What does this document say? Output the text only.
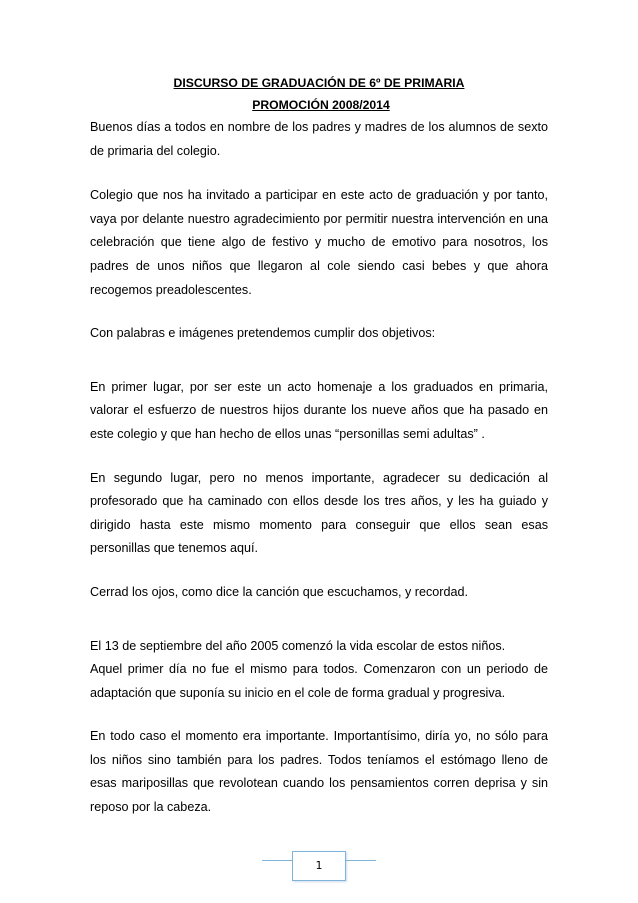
DISCURSO DE GRADUACIÓN DE 6º DE PRIMARIA

PROMOCIÓN 2008/2014

Buenos días a todos en nombre de los padres y madres de los alumnos de sexto de primaria del colegio.

Colegio que nos ha invitado a participar en este acto de graduación y por tanto, vaya por delante nuestro agradecimiento por permitir nuestra intervención en una celebración que tiene algo de festivo y mucho de emotivo para nosotros, los padres de unos niños que llegaron al cole siendo casi bebes y que ahora recogemos preadolescentes.

Con palabras e imágenes pretendemos cumplir dos objetivos:

En primer lugar, por ser este un acto homenaje a los graduados en primaria, valorar el esfuerzo de nuestros hijos durante los nueve años que ha pasado en este colegio y que han hecho de ellos unas “personillas semi adultas” .

En segundo lugar, pero no menos importante, agradecer su dedicación al profesorado que ha caminado con ellos desde los tres años, y les ha guiado y dirigido hasta este mismo momento para conseguir que ellos sean esas personillas que tenemos aquí.

Cerrad los ojos, como dice la canción que escuchamos, y recordad.

El 13 de septiembre del año 2005 comenzó la vida escolar de estos niños.

Aquel primer día no fue el mismo para todos. Comenzaron con un periodo de adaptación que suponía su inicio en el cole de forma gradual y progresiva.

En todo caso el momento era importante. Importantísimo, diría yo, no sólo para los niños sino también para los padres. Todos teníamos el estómago lleno de esas mariposillas que revolotean cuando los pensamientos corren deprisa y sin reposo por la cabeza.

1
